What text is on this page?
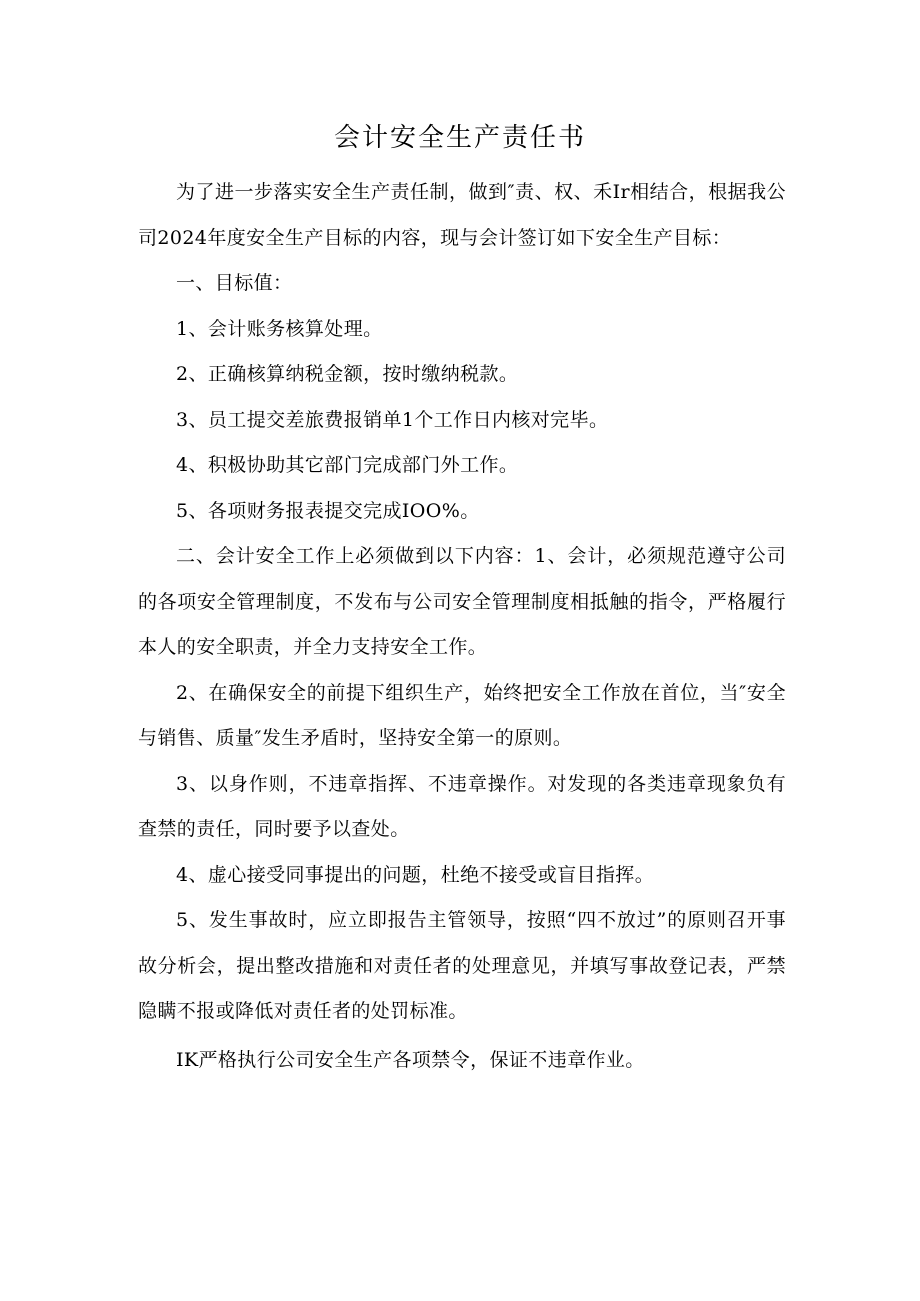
会计安全生产责任书

为了进一步落实安全生产责任制，做到″责、权、禾Ir相结合，根据我公司2024年度安全生产目标的内容，现与会计签订如下安全生产目标：

一、目标值：

1、会计账务核算处理。

2、正确核算纳税金额，按时缴纳税款。

3、员工提交差旅费报销单1个工作日内核对完毕。

4、积极协助其它部门完成部门外工作。

5、各项财务报表提交完成IOO%。

二、会计安全工作上必须做到以下内容：1、会计，必须规范遵守公司的各项安全管理制度，不发布与公司安全管理制度相抵触的指令，严格履行本人的安全职责，并全力支持安全工作。

2、在确保安全的前提下组织生产，始终把安全工作放在首位，当″安全与销售、质量″发生矛盾时，坚持安全第一的原则。

3、以身作则，不违章指挥、不违章操作。对发现的各类违章现象负有查禁的责任，同时要予以查处。

4、虚心接受同事提出的问题，杜绝不接受或盲目指挥。

5、发生事故时，应立即报告主管领导，按照“四不放过”的原则召开事故分析会，提出整改措施和对责任者的处理意见，并填写事故登记表，严禁隐瞒不报或降低对责任者的处罚标准。

IK严格执行公司安全生产各项禁令，保证不违章作业。
